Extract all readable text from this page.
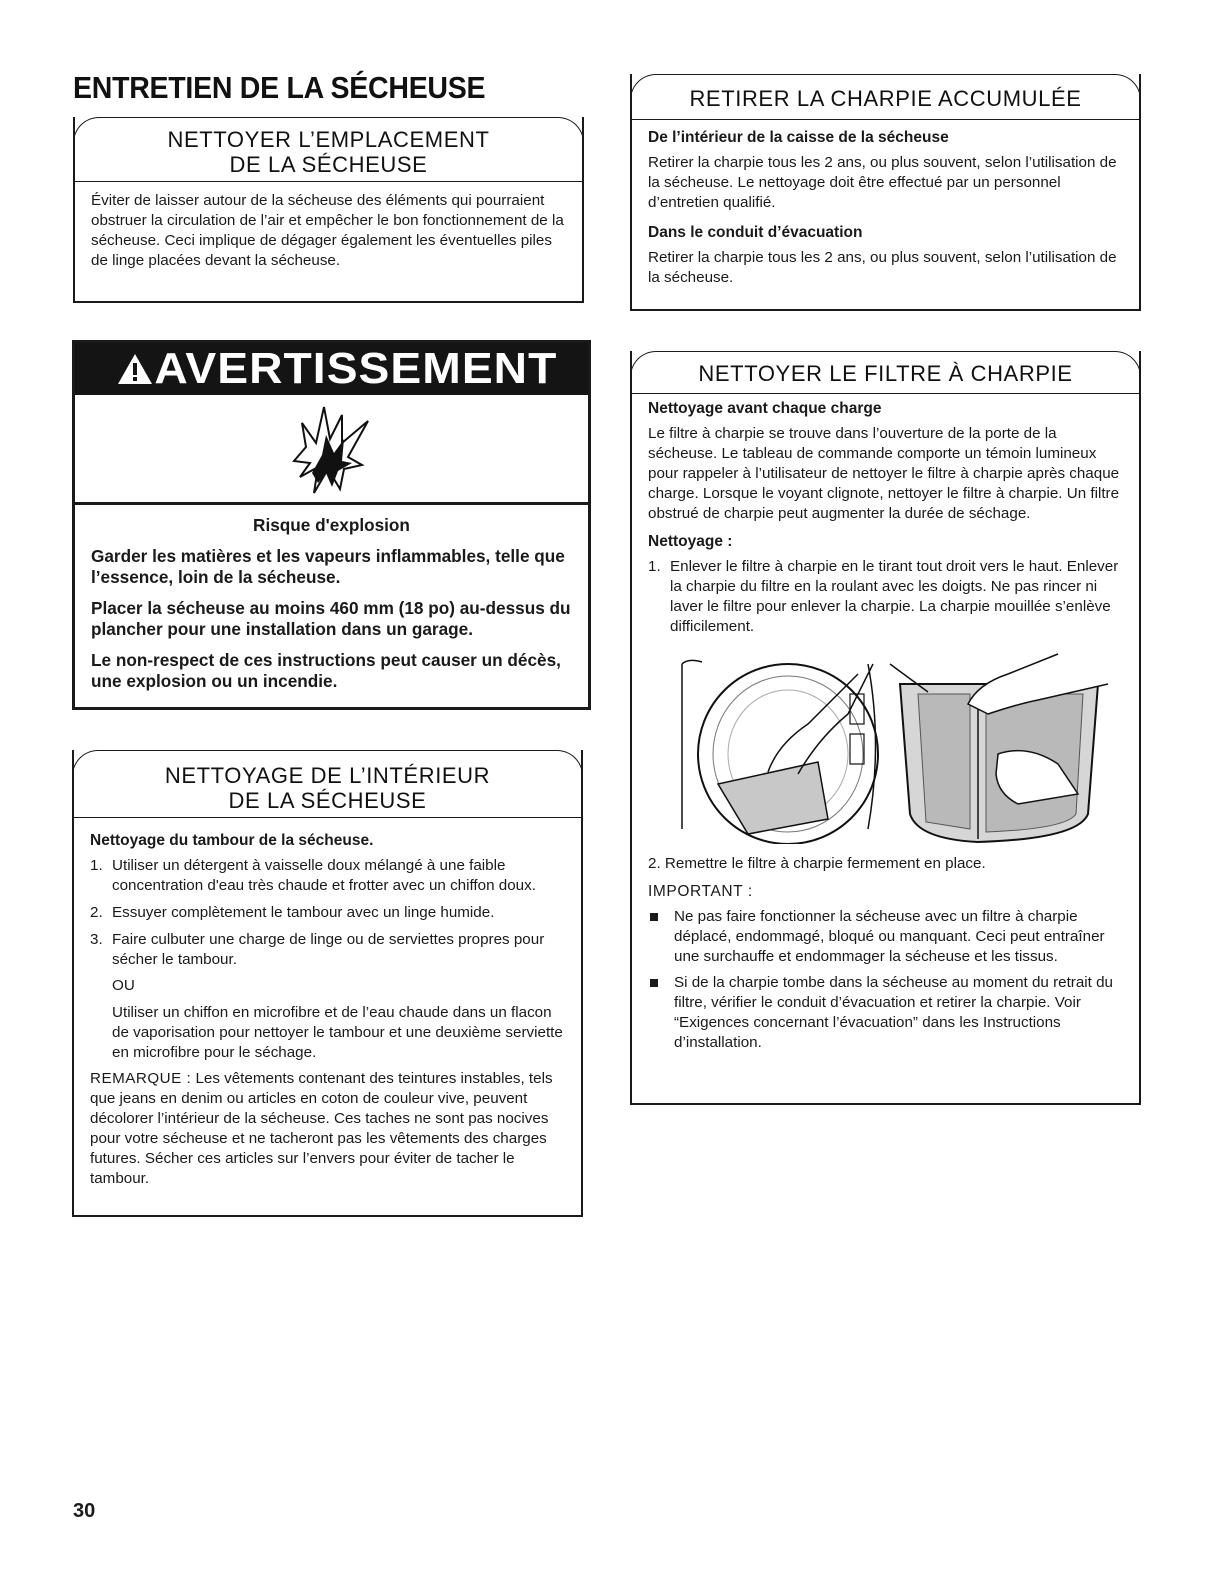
ENTRETIEN DE LA SÉCHEUSE
NETTOYER L’EMPLACEMENT
DE LA SÉCHEUSE

Éviter de laisser autour de la sécheuse des éléments qui pourraient obstruer la circulation de l’air et empêcher le bon fonctionnement de la sécheuse. Ceci implique de dégager également les éventuelles piles de linge placées devant la sécheuse.

AVERTISSEMENT

Risque d'explosion

Garder les matières et les vapeurs inflammables, telle que l’essence, loin de la sécheuse.

Placer la sécheuse au moins 460 mm (18 po) au-dessus du plancher pour une installation dans un garage.

Le non-respect de ces instructions peut causer un décès, une explosion ou un incendie.

NETTOYAGE DE L’INTÉRIEUR
DE LA SÉCHEUSE
Nettoyage du tambour de la sécheuse.
1. Utiliser un détergent à vaisselle doux mélangé à une faible concentration d'eau très chaude et frotter avec un chiffon doux.
2. Essuyer complètement le tambour avec un linge humide.
3. Faire culbuter une charge de linge ou de serviettes propres pour sécher le tambour.

OU

Utiliser un chiffon en microfibre et de l’eau chaude dans un flacon de vaporisation pour nettoyer le tambour et une deuxième serviette en microfibre pour le séchage.

REMARQUE : Les vêtements contenant des teintures instables, tels que jeans en denim ou articles en coton de couleur vive, peuvent décolorer l’intérieur de la sécheuse. Ces taches ne sont pas nocives pour votre sécheuse et ne tacheront pas les vêtements des charges futures. Sécher ces articles sur l’envers pour éviter de tacher le tambour.

RETIRER LA CHARPIE ACCUMULÉE
De l’intérieur de la caisse de la sécheuse

Retirer la charpie tous les 2 ans, ou plus souvent, selon l’utilisation de la sécheuse. Le nettoyage doit être effectué par un personnel d’entretien qualifié.

Dans le conduit d’évacuation

Retirer la charpie tous les 2 ans, ou plus souvent, selon l’utilisation de la sécheuse.

NETTOYER LE FILTRE À CHARPIE
Nettoyage avant chaque charge

Le filtre à charpie se trouve dans l’ouverture de la porte de la sécheuse. Le tableau de commande comporte un témoin lumineux pour rappeler à l’utilisateur de nettoyer le filtre à charpie après chaque charge. Lorsque le voyant clignote, nettoyer le filtre à charpie. Un filtre obstrué de charpie peut augmenter la durée de séchage.

Nettoyage :
1. Enlever le filtre à charpie en le tirant tout droit vers le haut. Enlever la charpie du filtre en la roulant avec les doigts. Ne pas rincer ni laver le filtre pour enlever la charpie. La charpie mouillée s’enlève difficilement.

2. Remettre le filtre à charpie fermement en place.

IMPORTANT :
Ne pas faire fonctionner la sécheuse avec un filtre à charpie déplacé, endommagé, bloqué ou manquant. Ceci peut entraîner une surchauffe et endommager la sécheuse et les tissus.
Si de la charpie tombe dans la sécheuse au moment du retrait du filtre, vérifier le conduit d’évacuation et retirer la charpie. Voir “Exigences concernant l’évacuation” dans les Instructions d’installation.
30
